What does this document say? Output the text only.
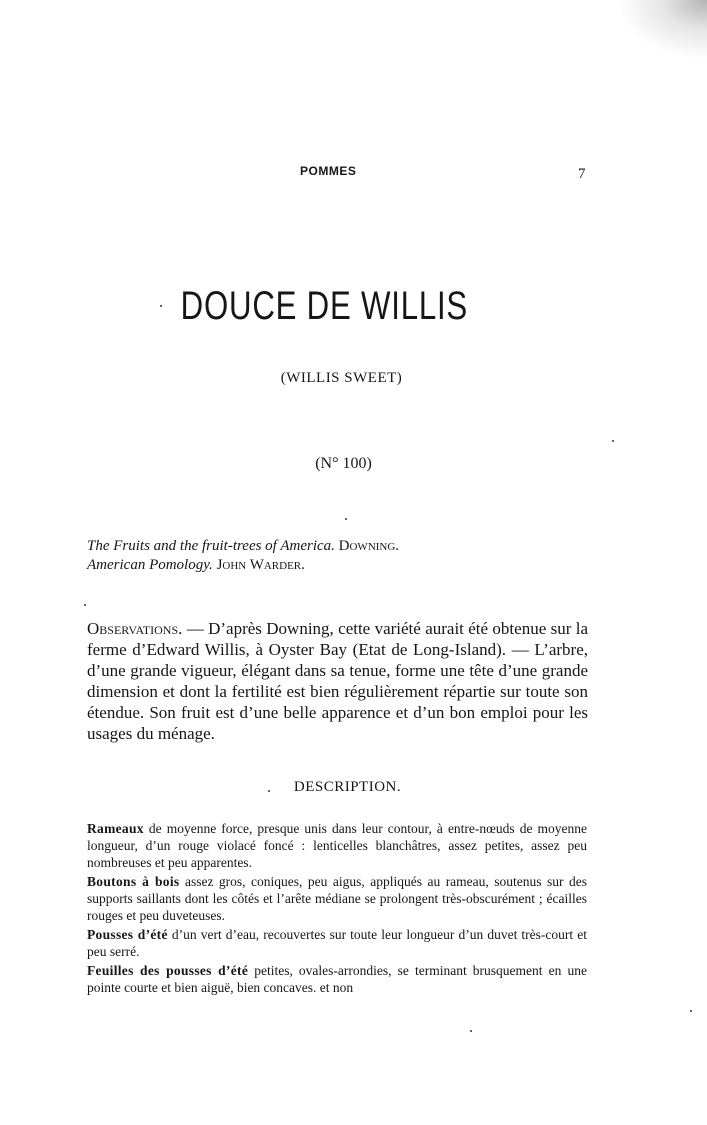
POMMES	7
DOUCE DE WILLIS
(WILLIS SWEET)
(N° 100)
The Fruits and the fruit-trees of America. Downing.
American Pomology. John Warder.
Observations. — D’après Downing, cette variété aurait été obtenue sur la ferme d’Edward Willis, à Oyster Bay (Etat de Long-Island). — L’arbre, d’une grande vigueur, élégant dans sa tenue, forme une tête d’une grande dimension et dont la fertilité est bien régulièrement répartie sur toute son étendue. Son fruit est d’une belle apparence et d’un bon emploi pour les usages du ménage.
DESCRIPTION.

Rameaux de moyenne force, presque unis dans leur contour, à entre-nœuds de moyenne longueur, d’un rouge violacé foncé : lenticelles blanchâtres, assez petites, assez peu nombreuses et peu apparentes.

Boutons à bois assez gros, coniques, peu aigus, appliqués au rameau, soutenus sur des supports saillants dont les côtés et l’arête médiane se prolongent très-obscurément ; écailles rouges et peu duveteuses.

Pousses d’été d’un vert d’eau, recouvertes sur toute leur longueur d’un duvet très-court et peu serré.

Feuilles des pousses d’été petites, ovales-arrondies, se terminant brusquement en une pointe courte et bien aiguë, bien concaves. et non
